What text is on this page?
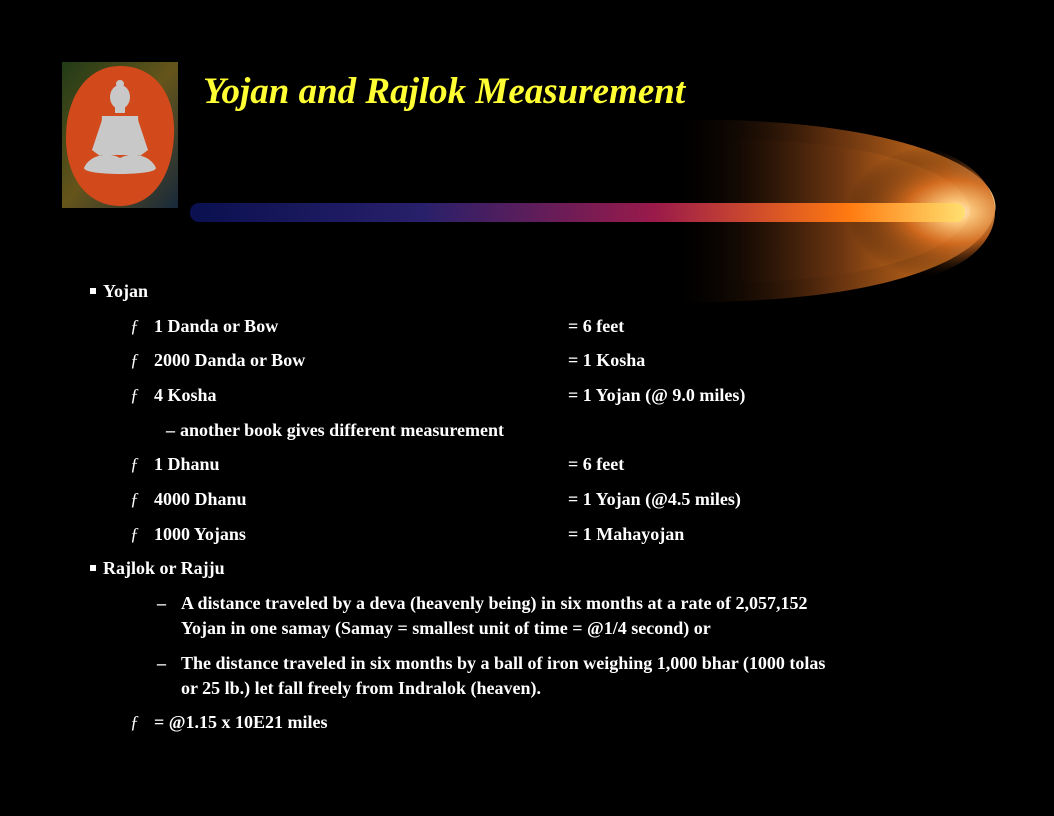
Yojan and Rajlok Measurement
Yojan
ƒ 1 Danda or Bow	= 6 feet
ƒ 2000 Danda or Bow	= 1 Kosha
ƒ 4 Kosha	= 1 Yojan (@ 9.0 miles)
– another book gives different measurement
ƒ 1 Dhanu	= 6 feet
ƒ 4000 Dhanu	= 1 Yojan (@4.5 miles)
ƒ 1000 Yojans	= 1 Mahayojan
Rajlok or Rajju
– A distance traveled by a deva (heavenly being) in six months at a rate of 2,057,152
Yojan in one samay (Samay = smallest unit of time = @1/4 second) or
– The distance traveled in six months by a ball of iron weighing 1,000 bhar (1000 tolas
or 25 lb.) let fall freely from Indralok (heaven).
ƒ = @1.15 x 10E21 miles
